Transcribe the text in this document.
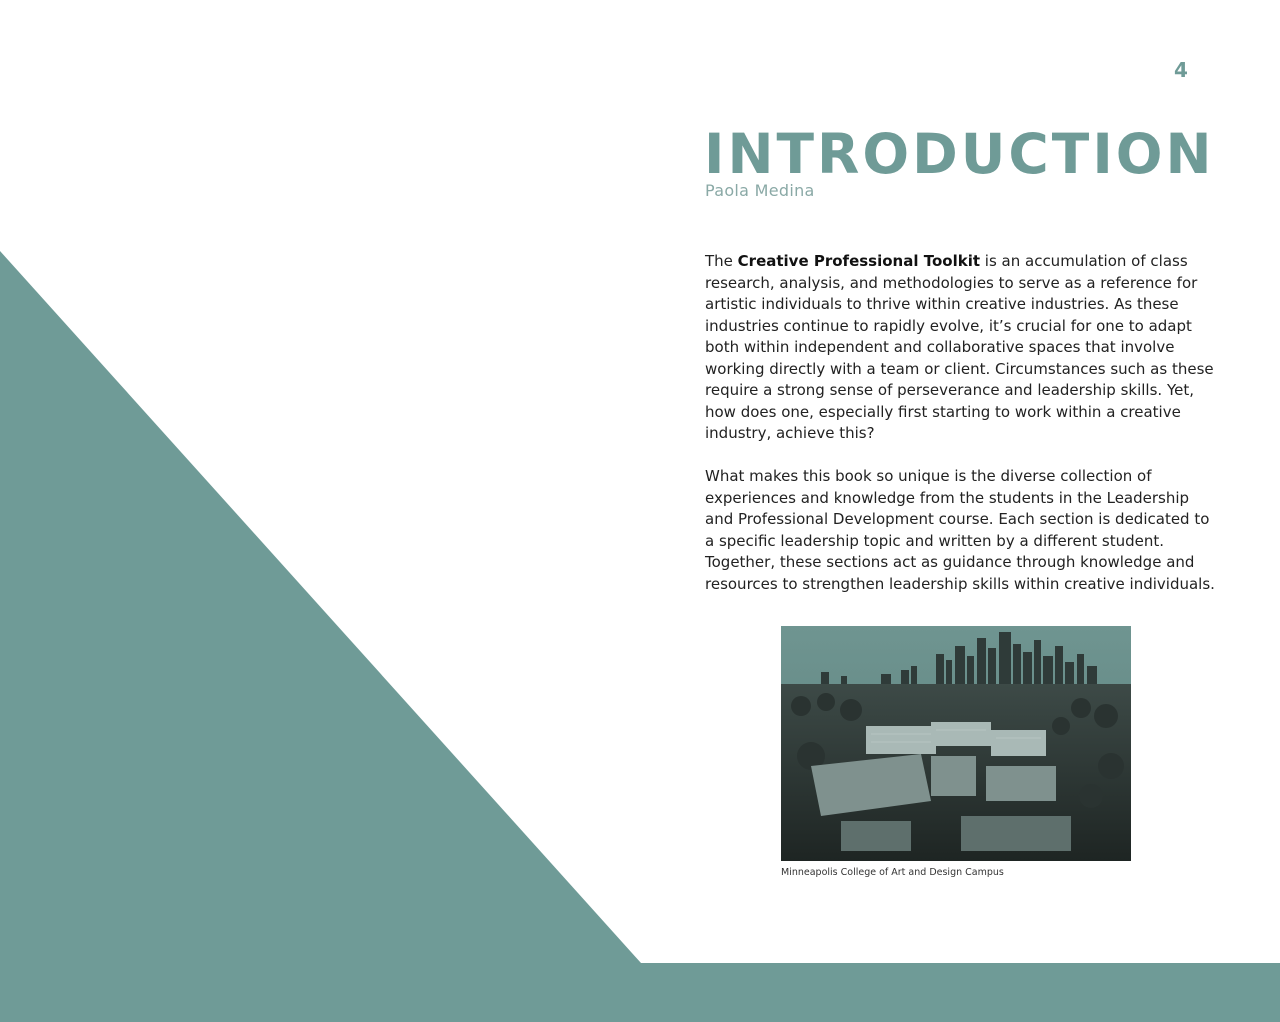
4
INTRODUCTION
Paola Medina

The Creative Professional Toolkit is an accumulation of class research, analysis, and methodologies to serve as a reference for artistic individuals to thrive within creative industries. As these industries continue to rapidly evolve, it’s crucial for one to adapt both within independent and collaborative spaces that involve working directly with a team or client. Circumstances such as these require a strong sense of perseverance and leadership skills. Yet, how does one, especially first starting to work within a creative industry, achieve this?

What makes this book so unique is the diverse collection of experiences and knowledge from the students in the Leadership and Professional Development course. Each section is dedicated to a specific leadership topic and written by a different student. Together, these sections act as guidance through knowledge and resources to strengthen leadership skills within creative individuals.

Minneapolis College of Art and Design Campus
